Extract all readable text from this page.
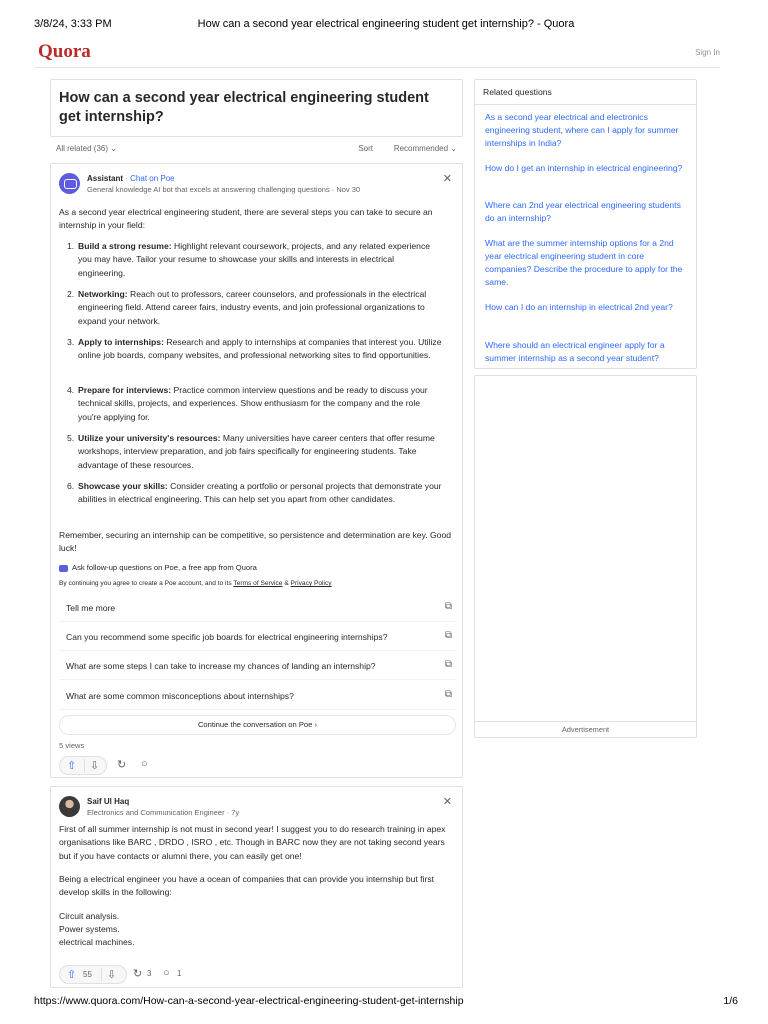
3/8/24, 3:33 PM	How can a second year electrical engineering student get internship? - Quora
Quora	Sign In
How can a second year electrical engineering student get internship?
All related (36) ⌄	Sort	Recommended ⌄
Assistant · Chat on Poe
General knowledge AI bot that excels at answering challenging questions · Nov 30
✕
As a second year electrical engineering student, there are several steps you can take to secure an internship in your field:
1. Build a strong resume: Highlight relevant coursework, projects, and any related experience you may have. Tailor your resume to showcase your skills and interests in electrical engineering.
2. Networking: Reach out to professors, career counselors, and professionals in the electrical engineering field. Attend career fairs, industry events, and join professional organizations to expand your network.
3. Apply to internships: Research and apply to internships at companies that interest you. Utilize online job boards, company websites, and professional networking sites to find opportunities.
4. Prepare for interviews: Practice common interview questions and be ready to discuss your technical skills, projects, and experiences. Show enthusiasm for the company and the role you're applying for.
5. Utilize your university's resources: Many universities have career centers that offer resume workshops, interview preparation, and job fairs specifically for engineering students. Take advantage of these resources.
6. Showcase your skills: Consider creating a portfolio or personal projects that demonstrate your abilities in electrical engineering. This can help set you apart from other candidates.
Remember, securing an internship can be competitive, so persistence and determination are key. Good luck!
Ask follow-up questions on Poe, a free app from Quora
By continuing you agree to create a Poe account, and to its Terms of Service & Privacy Policy
Tell me more	⧉
Can you recommend some specific job boards for electrical engineering internships?	⧉
What are some steps I can take to increase my chances of landing an internship?	⧉
What are some common misconceptions about internships?	⧉
Continue the conversation on Poe ›
5 views
⇧ ⇩ ↻ ○
Saif Ul Haq
Electronics and Communication Engineer · 7y
✕
First of all summer internship is not must in second year! I suggest you to do research training in apex organisations like BARC , DRDO , ISRO , etc. Though in BARC now they are not taking second years but if you have contacts or alumni there, you can easily get one!
Being a electrical engineer you have a ocean of companies that can provide you internship but first develop skills in the following:
Circuit analysis.
Power systems.
electrical machines.
⇧ 55 ⇩ ↻ 3 ○ 1
Related questions
As a second year electrical and electronics engineering student, where can I apply for summer internships in India?
How do I get an internship in electrical engineering?
Where can 2nd year electrical engineering students do an internship?
What are the summer internship options for a 2nd year electrical engineering student in core companies? Describe the procedure to apply for the same.
How can I do an internship in electrical 2nd year?
Where should an electrical engineer apply for a summer internship as a second year student?
Advertisement
https://www.quora.com/How-can-a-second-year-electrical-engineering-student-get-internship	1/6
